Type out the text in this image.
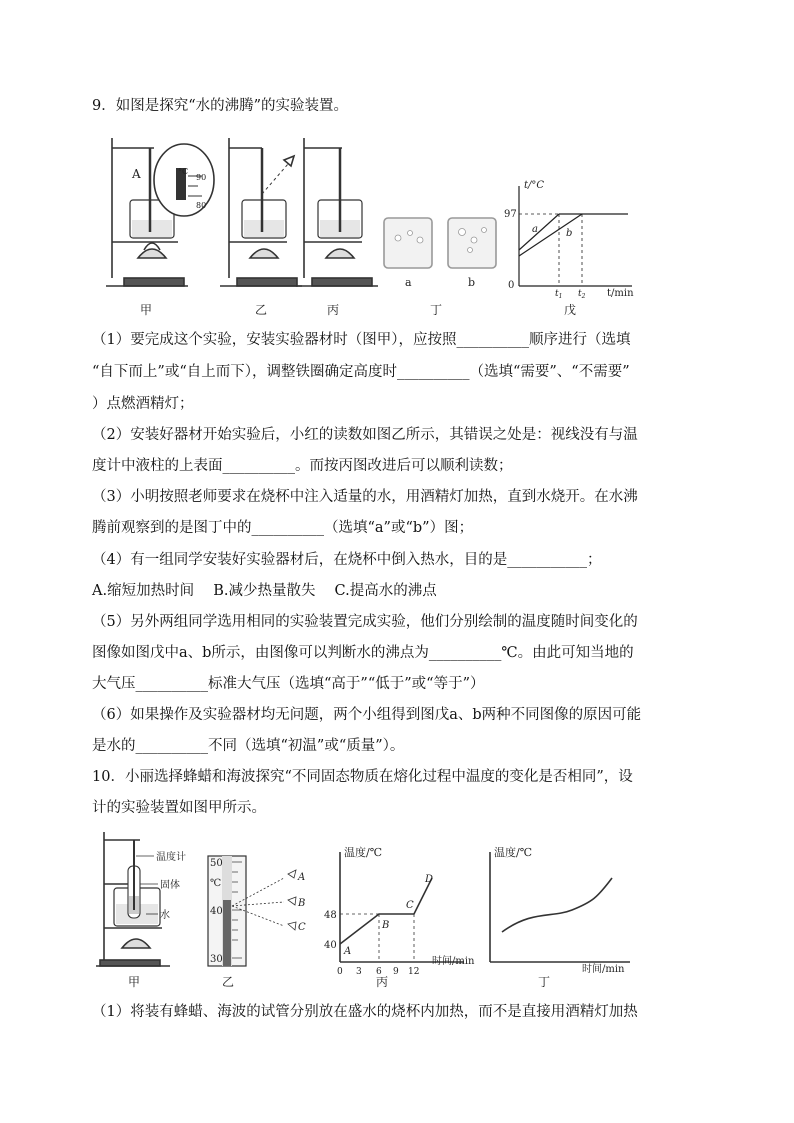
9．如图是探究“水的沸腾”的实验装置。
A	°C
90
80
a	b
t/°C
t/min
97
0
a	b
$t_1$ $t_2$
甲	乙	丙	丁	戊
（1）要完成这个实验，安装实验器材时（图甲），应按照__________顺序进行（选填
“自下而上”或“自上而下），调整铁圈确定高度时__________（选填“需要”、“不需要”
）点燃酒精灯；
（2）安装好器材开始实验后，小红的读数如图乙所示，其错误之处是：视线没有与温
度计中液柱的上表面__________。而按丙图改进后可以顺利读数；
（3）小明按照老师要求在烧杯中注入适量的水，用酒精灯加热，直到水烧开。在水沸
腾前观察到的是图丁中的__________（选填“a”或“b”）图；
（4）有一组同学安装好实验器材后，在烧杯中倒入热水，目的是___________；
A.缩短加热时间　 B.减少热量散失　 C.提高水的沸点
（5）另外两组同学选用相同的实验装置完成实验，他们分别绘制的温度随时间变化的
图像如图戊中a、b所示，由图像可以判断水的沸点为__________℃。由此可知当地的
大气压__________标准大气压（选填“高于”“低于”或“等于”）
（6）如果操作及实验器材均无问题，两个小组得到图戊a、b两种不同图像的原因可能
是水的__________不同（选填“初温”或“质量”）。
10．小丽选择蜂蜡和海波探究“不同固态物质在熔化过程中温度的变化是否相同”，设
计的实验装置如图甲所示。
温度计
固体
水
50
℃
40
30
A
B
C
温度/℃
时间/min
48
40
0 3 6 9 12
A
B
C
D
温度/℃
时间/min
甲	乙	丙	丁
（1）将装有蜂蜡、海波的试管分别放在盛水的烧杯内加热，而不是直接用酒精灯加热
